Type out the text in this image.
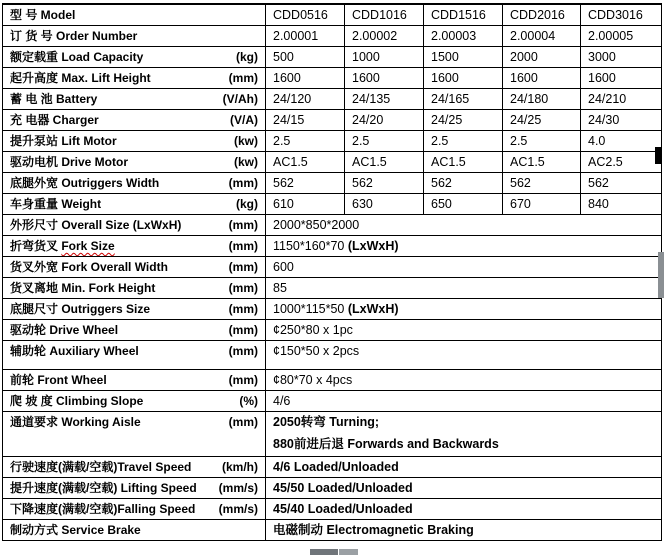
型 号 Model	CDD0516	CDD1016	CDD1516	CDD2016	CDD3016

订 货 号 Order Number	2.00001	2.00002	2.00003	2.00004	2.00005

额定载重 Load Capacity (kg)	500	1000	1500	2000	3000

起升高度 Max. Lift Height (mm)	1600	1600	1600	1600	1600

蓄 电 池 Battery (V/Ah)	24/120	24/135	24/165	24/180	24/210

充 电器 Charger (V/A)	24/15	24/20	24/25	24/25	24/30

提升泵站 Lift Motor (kw)	2.5	2.5	2.5	2.5	4.0

驱动电机 Drive Motor (kw)	AC1.5	AC1.5	AC1.5	AC1.5	AC2.5

底腿外宽 Outriggers Width (mm)	562	562	562	562	562

车身重量 Weight (kg)	610	630	650	670	840

外形尺寸 Overall Size (LxWxH) (mm)	2000*850*2000				

折弯货叉 Fork Size (mm)	1150*160*70 (LxWxH)				

货叉外宽 Fork Overall Width (mm)	600				

货叉离地 Min. Fork Height (mm)	85				

底腿尺寸 Outriggers Size (mm)	1000*115*50 (LxWxH)				

驱动轮 Drive Wheel (mm)	¢250*80 x 1pc				

辅助轮 Auxiliary Wheel (mm)	¢150*50 x 2pcs				

前轮 Front Wheel (mm)	¢80*70 x 4pcs				

爬 坡 度 Climbing Slope (%)	4/6				

通道要求 Working Aisle (mm)	2050转弯 Turning;
880前进后退 Forwards and Backwards				

行驶速度(满载/空载)Travel Speed (km/h)	4/6 Loaded/Unloaded				

提升速度(满载/空载) Lifting Speed (mm/s)	45/50 Loaded/Unloaded				

下降速度(满载/空载)Falling Speed (mm/s)	45/40 Loaded/Unloaded				

制动方式 Service Brake	电磁制动 Electromagnetic Braking				
